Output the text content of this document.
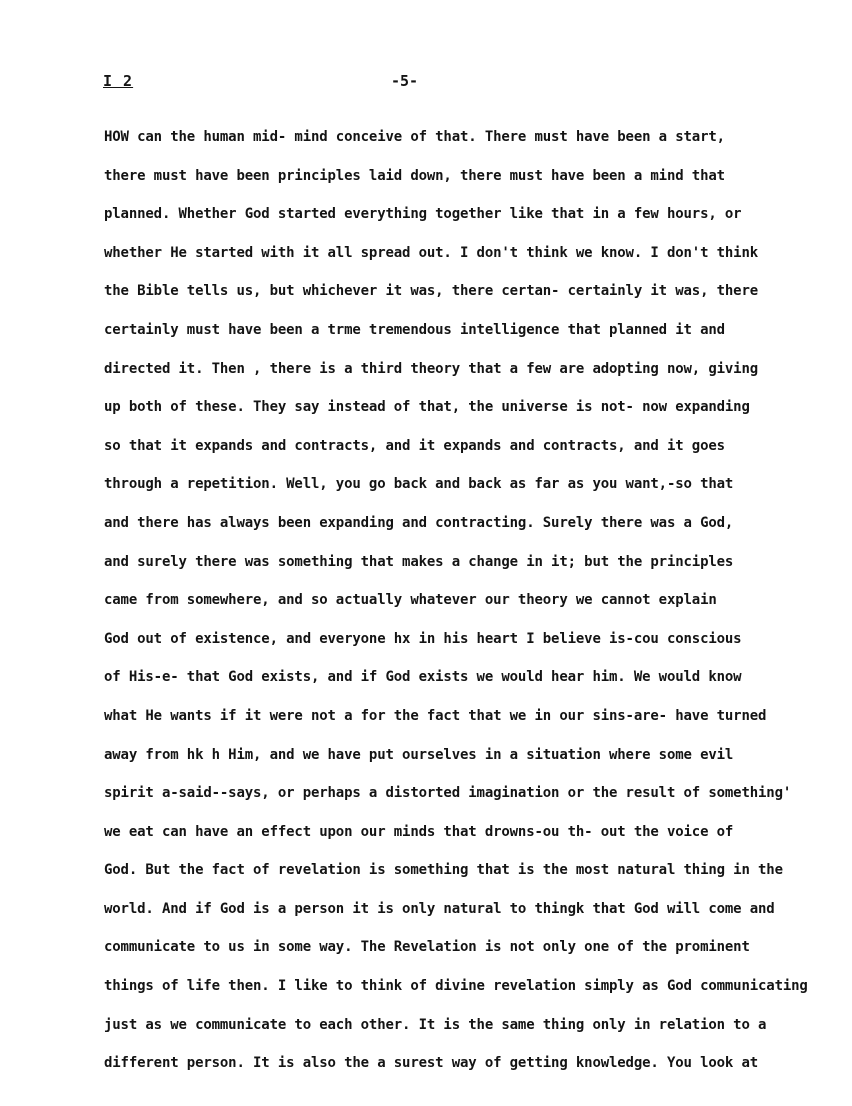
I 2	-5-
HOW can the human mid- mind conceive of that. There must have been a start,
there must have been principles laid down, there must have been a mind that
planned. Whether God started everything together like that in a few hours, or
whether He started with it all spread out. I don't think we know. I don't think
the Bible tells us, but whichever it was, there certan- certainly it was, there
certainly must have been a trme tremendous intelligence that planned it and
directed it. Then , there is a third theory that a few are adopting now, giving
up both of these. They say instead of that, the universe is not- now expanding
so that it expands and contracts, and it expands and contracts, and it goes
through a repetition. Well, you go back and back as far as you want,-so that
and there has always been expanding and contracting. Surely there was a God,
and surely there was something that makes a change in it; but the principles
came from somewhere, and so actually whatever our theory we cannot explain
God out of existence, and everyone hx in his heart I believe is-cou conscious
of His-e- that God exists, and if God exists we would hear him. We would know
what He wants if it were not a for the fact that we in our sins-are- have turned
away from hk h Him, and we have put ourselves in a situation where some evil
spirit a-said--says, or perhaps a distorted imagination or the result of something'
we eat can have an effect upon our minds that drowns-ou th- out the voice of
God. But the fact of revelation is something that is the most natural thing in the
world. And if God is a person it is only natural to thingk that God will come and
communicate to us in some way. The Revelation is not only one of the prominent
things of life then. I like to think of divine revelation simply as God communicating
just as we communicate to each other. It is the same thing only in relation to a
different person. It is also the a surest way of getting knowledge. You look at
